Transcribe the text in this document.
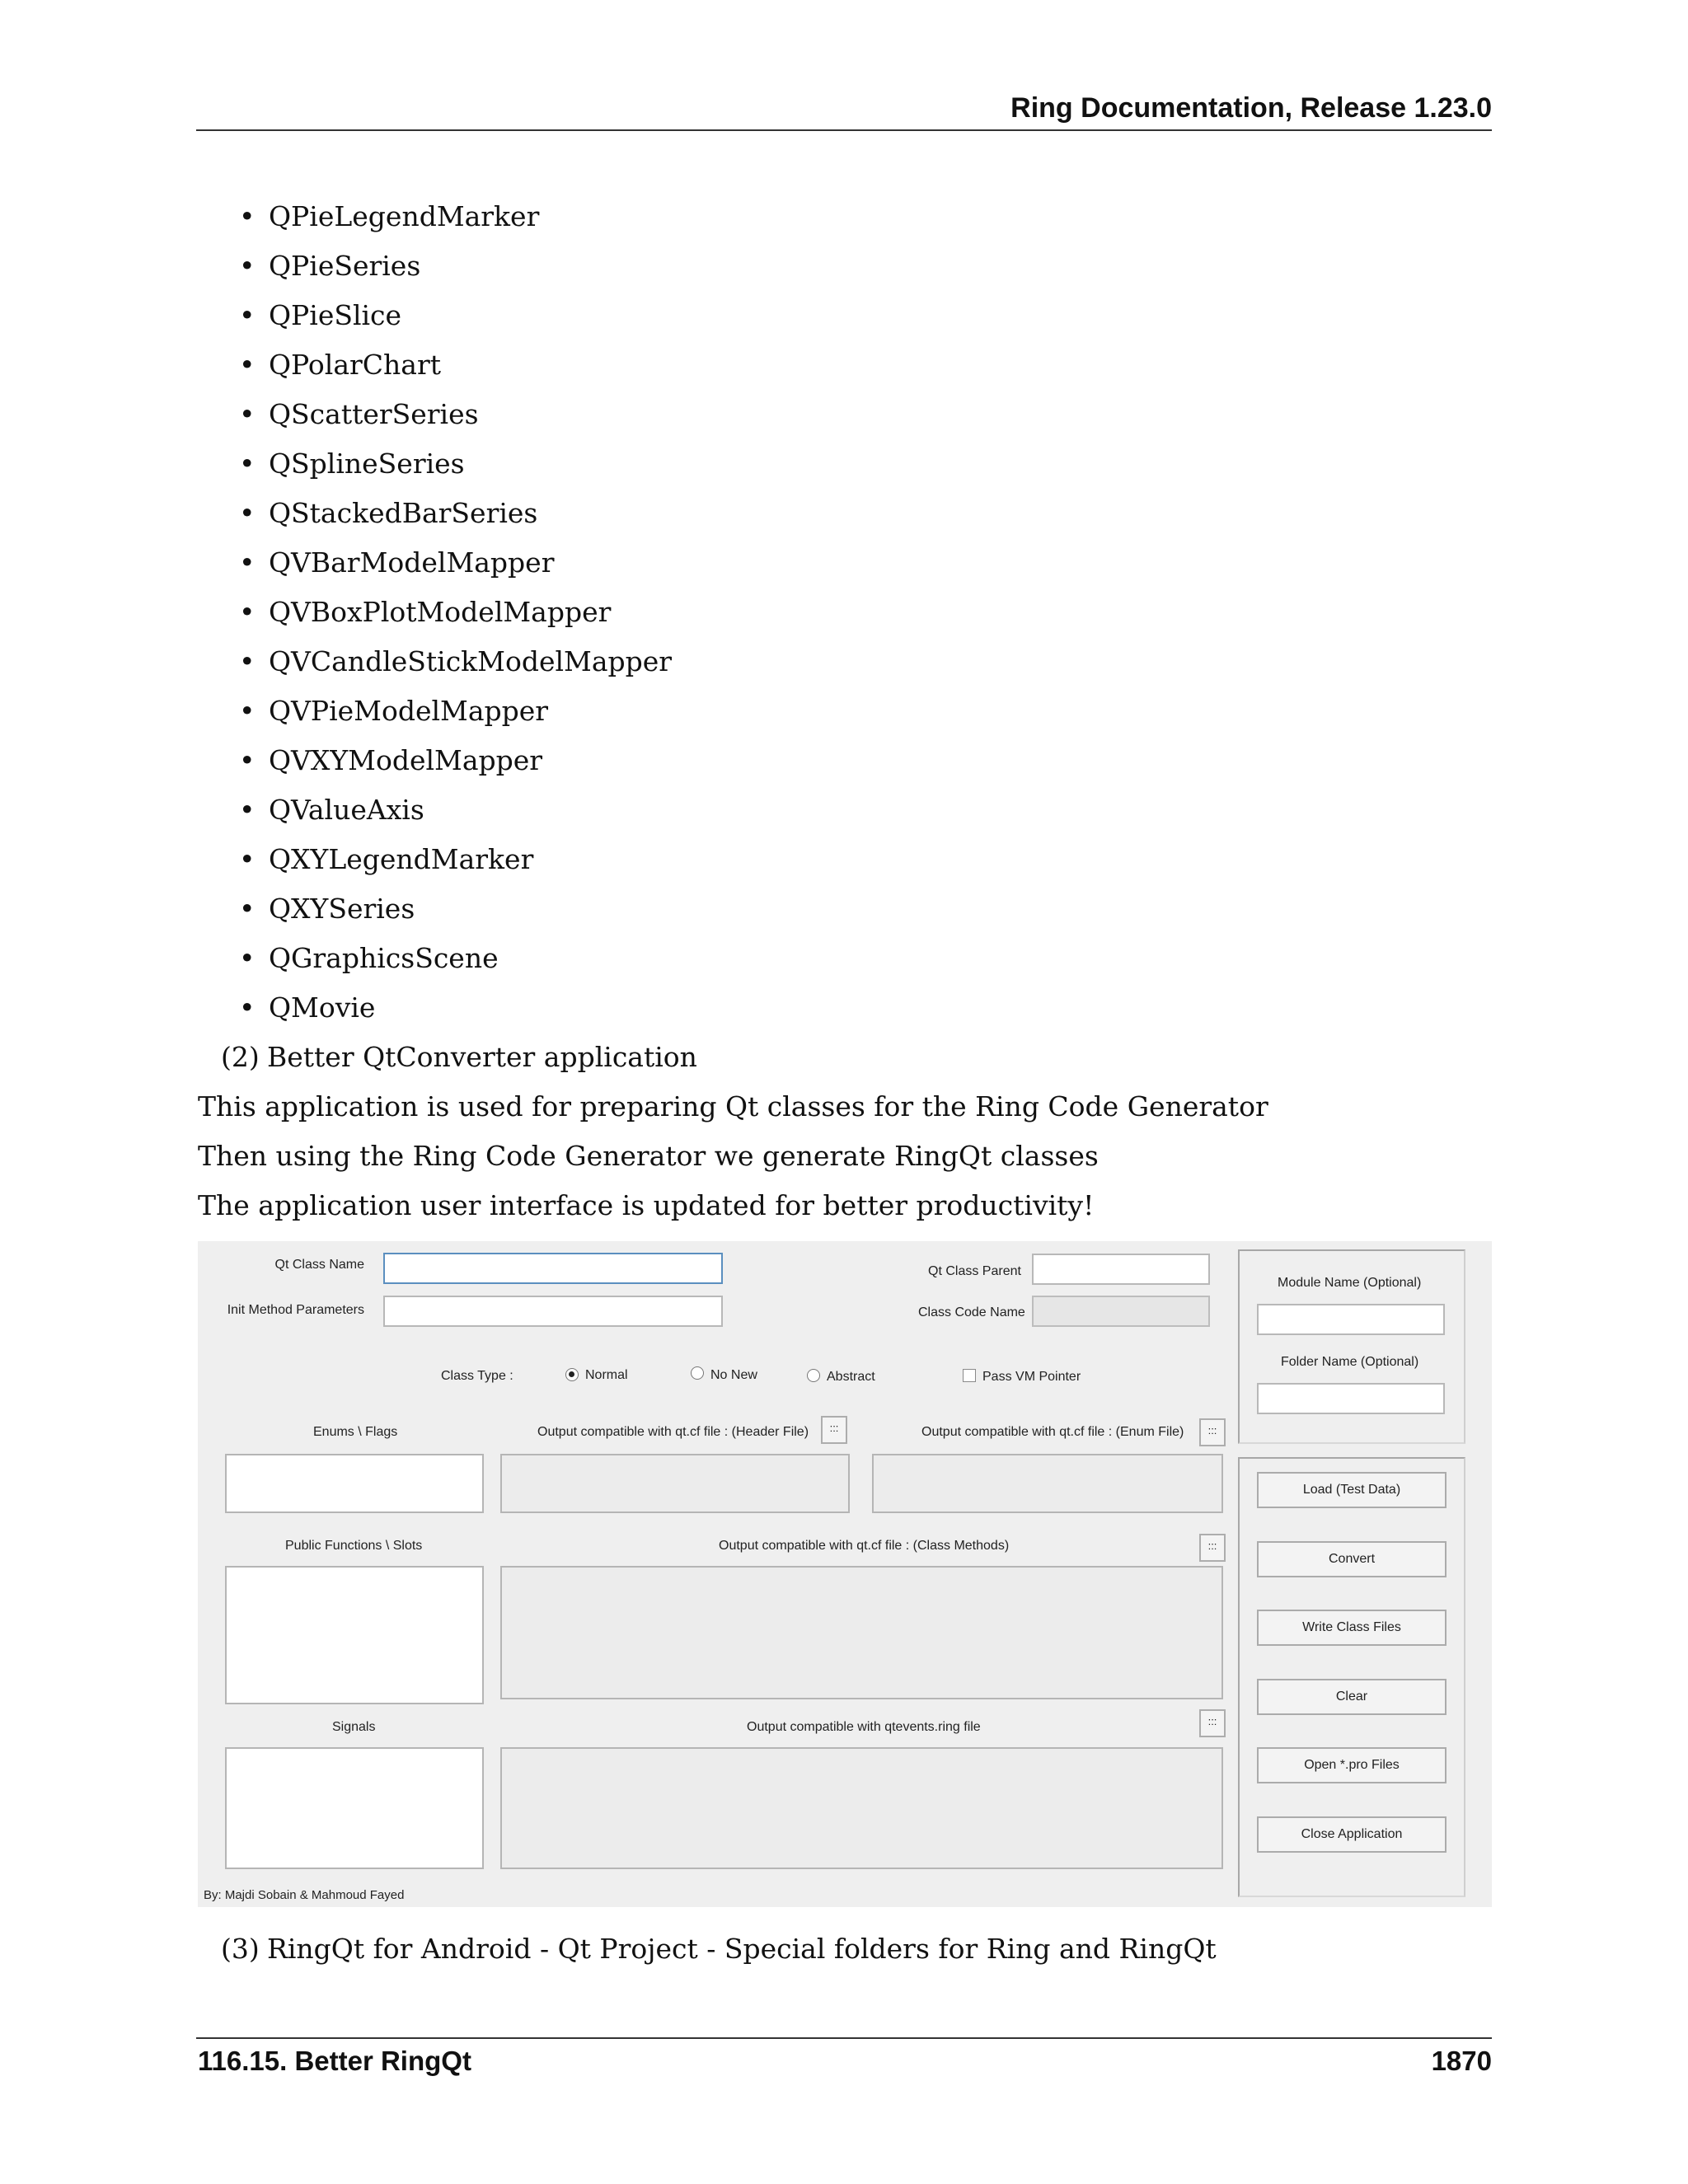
Ring Documentation, Release 1.23.0
• QPieLegendMarker
• QPieSeries
• QPieSlice
• QPolarChart
• QScatterSeries
• QSplineSeries
• QStackedBarSeries
• QVBarModelMapper
• QVBoxPlotModelMapper
• QVCandleStickModelMapper
• QVPieModelMapper
• QVXYModelMapper
• QValueAxis
• QXYLegendMarker
• QXYSeries
• QGraphicsScene
• QMovie
(2) Better QtConverter application
This application is used for preparing Qt classes for the Ring Code Generator
Then using the Ring Code Generator we generate RingQt classes
The application user interface is updated for better productivity!
Qt Class Name
Init Method Parameters
Qt Class Parent
Class Code Name
Module Name (Optional)
Folder Name (Optional)
Class Type :	Normal	No New	Abstract	Pass VM Pointer
Enums \ Flags	Output compatible with qt.cf file : (Header File)	:::	Output compatible with qt.cf file : (Enum File)	:::
Load (Test Data)
Convert
Write Class Files
Clear
Open *.pro Files
Close Application
Public Functions \ Slots	Output compatible with qt.cf file : (Class Methods)	:::
Signals	Output compatible with qtevents.ring file	:::
By: Majdi Sobain & Mahmoud Fayed
(3) RingQt for Android - Qt Project - Special folders for Ring and RingQt
116.15. Better RingQt	1870
